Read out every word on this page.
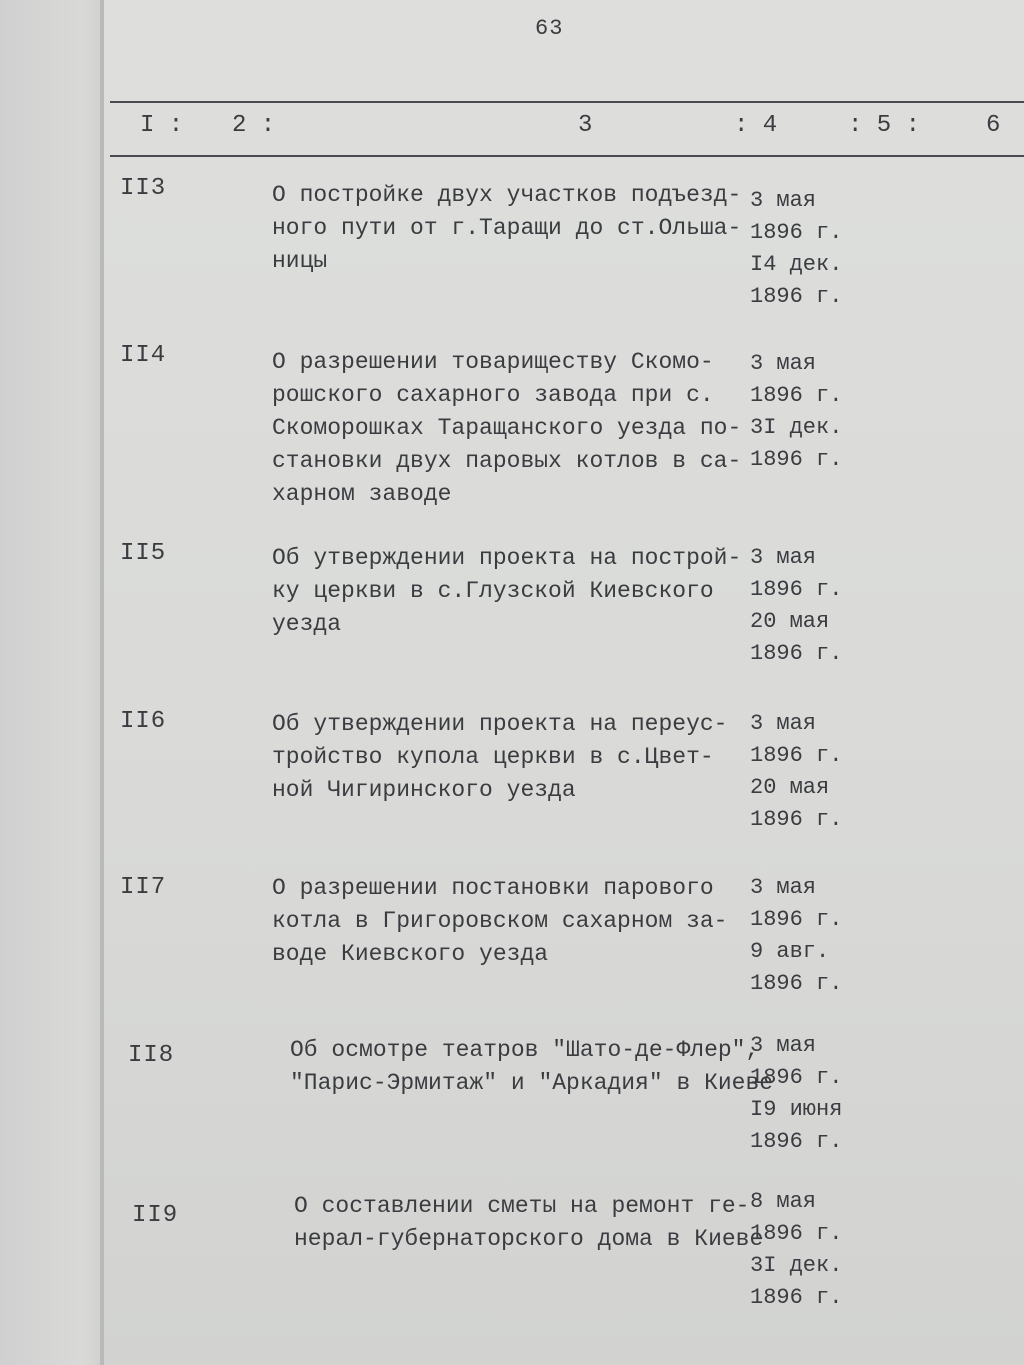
63
I : 2 :	3	: 4	: 5 :	6
II3	О постройке двух участков подъезд-
ного пути от г.Таращи до ст.Ольша-
ницы
3 мая
1896 г.
I4 дек.
1896 г.
II4	О разрешении товариществу Скомо-
рошского сахарного завода при с.
Скоморошках Таращанского уезда по-
становки двух паровых котлов в са-
харном заводе
3 мая
1896 г.
3I дек.
1896 г.
II5	Об утверждении проекта на построй-
ку церкви в с.Глузской Киевского
уезда
3 мая
1896 г.
20 мая
1896 г.
II6	Об утверждении проекта на переус-
тройство купола церкви в с.Цвет-
ной Чигиринского уезда
3 мая
1896 г.
20 мая
1896 г.
II7	О разрешении постановки парового
котла в Григоровском сахарном за-
воде Киевского уезда
3 мая
1896 г.
9 авг.
1896 г.
II8	Об осмотре театров "Шато-де-Флер",
"Парис-Эрмитаж" и "Аркадия" в Киеве
3 мая
1896 г.
I9 июня
1896 г.
II9	О составлении сметы на ремонт ге-
нерал-губернаторского дома в Киеве
8 мая
1896 г.
3I дек.
1896 г.
